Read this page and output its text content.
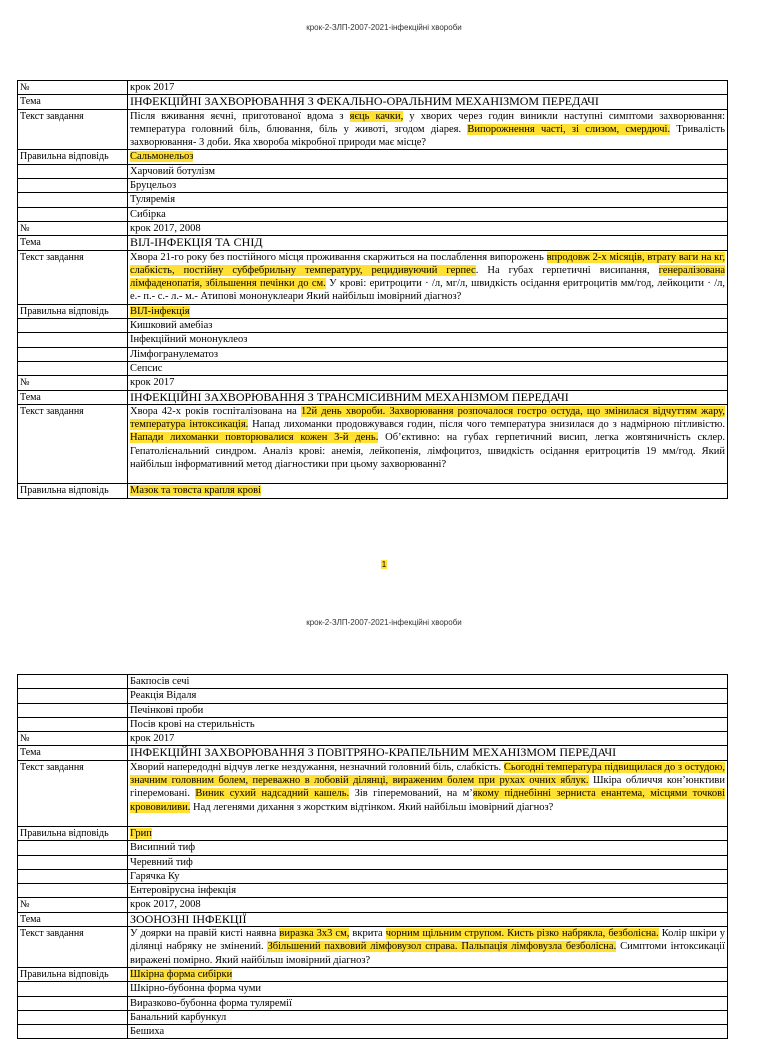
крок-2-ЗЛП-2007-2021-інфекційні хвороби
№	крок 2017
Тема	ІНФЕКЦІЙНІ ЗАХВОРЮВАННЯ З ФЕКАЛЬНО-ОРАЛЬНИМ МЕХАНІЗМОМ ПЕРЕДАЧІ
Текст завдання	Після вживання яєчні, приготованої вдома з яєць качки, у хворих через годин виникли наступні симптоми захворювання: температура головний біль, блювання, біль у животі, згодом діарея. Випорожнення часті, зі слизом, смердючі. Тривалість захворювання- 3 доби. Яка хвороба мікробної природи має місце?
Правильна відповідь	Сальмонельоз
	Харчовий ботулізм
	Бруцельоз
	Туляремія
	Сибірка
№	крок 2017, 2008
Тема	ВІЛ-ІНФЕКЦІЯ ТА СНІД
Текст завдання	Хвора 21-го року без постійного місця проживання скаржиться на послаблення випорожень впродовж 2-х місяців, втрату ваги на кг, слабкість, постійну субфебрильну температуру, рецидивуючий герпес. На губах герпетичні висипання, генералізована лімфаденопатія, збільшення печінки до см. У крові: еритроцити · /л, мг/л, швидкість осідання еритроцитів мм/год, лейкоцити · /л, е.- п.- с.- л.- м.- Атипові мононуклеари Який найбільш імовірний діагноз?
Правильна відповідь	ВІЛ-інфекція
	Кишковий амебіаз
	Інфекційний мононуклеоз
	Лімфогранулематоз
	Сепсис
№	крок 2017
Тема	ІНФЕКЦІЙНІ ЗАХВОРЮВАННЯ З ТРАНСМІСИВНИМ МЕХАНІЗМОМ ПЕРЕДАЧІ
Текст завдання	Хвора 42-х років госпіталізована на 12й день хвороби. Захворювання розпочалося гостро остуда, що змінилася відчуттям жару, температура інтоксикація. Напад лихоманки продовжувався годин, після чого температура знизилася до з надмірною пітливістю. Напади лихоманки повторювалися кожен 3-й день. Об’єктивно: на губах герпетичний висип, легка жовтяничність склер. Гепатолієнальний синдром. Аналіз крові: анемія, лейкопенія, лімфоцитоз, швидкість осідання еритроцитів 19 мм/год. Який найбільш інформативний метод діагностики при цьому захворюванні?
Правильна відповідь	Мазок та товста крапля крові
1
крок-2-ЗЛП-2007-2021-інфекційні хвороби
	Бакпосів сечі
	Реакція Відаля
	Печінкові проби
	Посів крові на стерильність
№	крок 2017
Тема	ІНФЕКЦІЙНІ ЗАХВОРЮВАННЯ З ПОВІТРЯНО-КРАПЕЛЬНИМ МЕХАНІЗМОМ ПЕРЕДАЧІ
Текст завдання	Хворий напередодні відчув легке нездужання, незначний головний біль, слабкість. Сьогодні температура підвищилася до з остудою, значним головним болем, переважно в лобовій ділянці, вираженим болем при рухах очних яблук. Шкіра обличчя кон’юнктиви гіперемовані. Виник сухий надсадний кашель. Зів гіперемований, на м’якому піднебінні зернистa енантема, місцями точкові крововиливи. Над легенями дихання з жорстким відтінком. Який найбільш імовірний діагноз?
Правильна відповідь	Грип
	Висипний тиф
	Черевний тиф
	Гарячка Ку
	Ентеровірусна інфекція
№	крок 2017, 2008
Тема	ЗООНОЗНІ ІНФЕКЦІЇ
Текст завдання	У доярки на правій кисті наявна виразка 3х3 см, вкрита чорним щільним струпом. Кисть різко набрякла, безболісна. Колір шкіри у ділянці набряку не змінений. Збільшений пахвовий лімфовузол справа. Пальпація лімфовузла безболісна. Симптоми інтоксикації виражені помірно. Який найбільш імовірний діагноз?
Правильна відповідь	Шкірна форма сибірки
	Шкірно-бубонна форма чуми
	Виразково-бубонна форма туляремії
	Банальний карбункул
	Бешиха
